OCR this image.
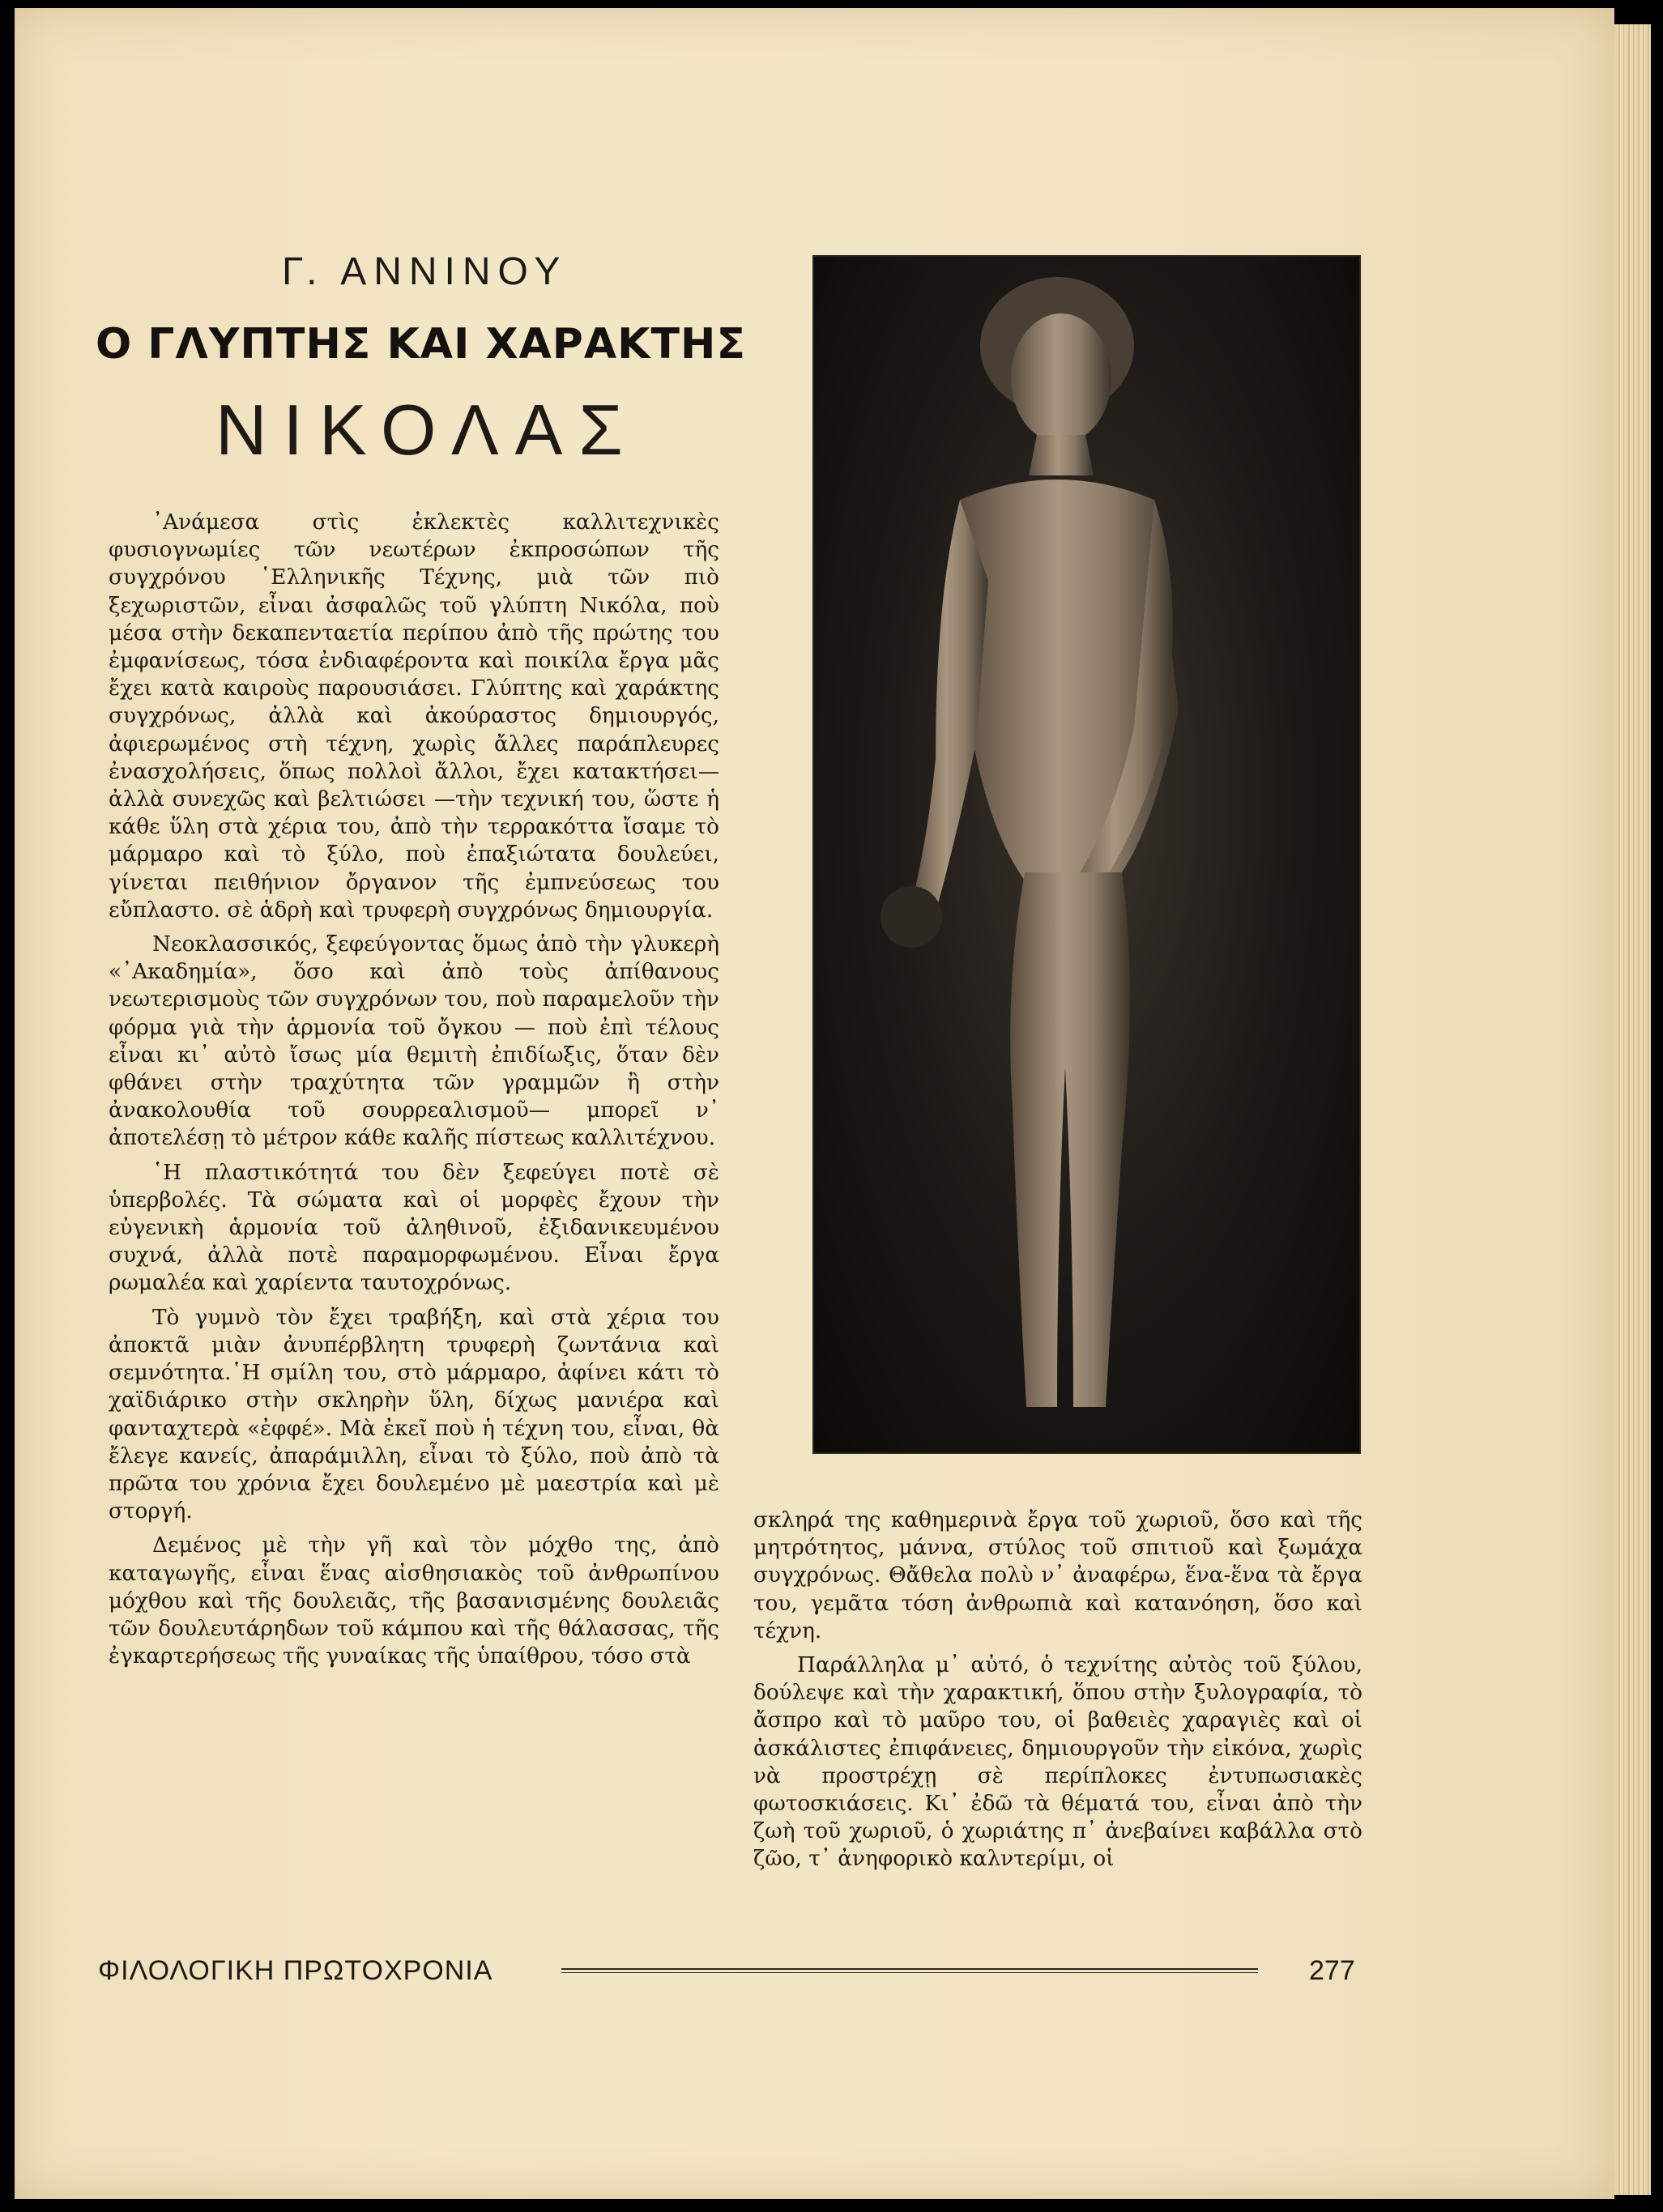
Γ. ΑΝΝΙΝΟΥ
Ο ΓΛΥΠΤΗΣ ΚΑΙ ΧΑΡΑΚΤΗΣ
ΝΙΚΟΛΑΣ

᾿Ανάμεσα στὶς ἐκλεκτὲς καλλιτεχνικὲς φυσιογνωμίες τῶν νεωτέρων ἐκπροσώπων τῆς συγχρόνου ῾Ελληνικῆς Τέχνης, μιὰ τῶν πιὸ ξεχωριστῶν, εἶναι ἀσφαλῶς τοῦ γλύπτη Νικόλα, ποὺ μέσα στὴν δεκαπενταετία περίπου ἀπὸ τῆς πρώτης του ἐμφανίσεως, τόσα ἐνδιαφέροντα καὶ ποικίλα ἔργα μᾶς ἔχει κατὰ καιροὺς παρουσιάσει. Γλύπτης καὶ χαράκτης συγχρόνως, ἀλλὰ καὶ ἀκούραστος δημιουργός, ἀφιερωμένος στὴ τέχνη, χωρὶς ἄλλες παράπλευρες ἐνασχολήσεις, ὅπως πολλοὶ ἄλλοι, ἔχει κατακτήσει—ἀλλὰ συνεχῶς καὶ βελτιώσει —τὴν τεχνική του, ὥστε ἡ κάθε ὕλη στὰ χέρια του, ἀπὸ τὴν τερρακόττα ἴσαμε τὸ μάρμαρο καὶ τὸ ξύλο, ποὺ ἐπαξιώτατα δουλεύει, γίνεται πειθήνιον ὄργανον τῆς ἐμπνεύσεως του εὔπλαστο. σὲ ἁδρὴ καὶ τρυφερὴ συγχρόνως δημιουργία.

Νεοκλασσικός, ξεφεύγοντας ὅμως ἀπὸ τὴν γλυκερὴ «᾿Ακαδημία», ὅσο καὶ ἀπὸ τοὺς ἀπίθανους νεωτερισμοὺς τῶν συγχρόνων του, ποὺ παραμελοῦν τὴν φόρμα γιὰ τὴν ἁρμονία τοῦ ὄγκου — ποὺ ἐπὶ τέλους εἶναι κι᾿ αὐτὸ ἴσως μία θεμιτὴ ἐπιδίωξις, ὅταν δὲν φθάνει στὴν τραχύτητα τῶν γραμμῶν ἢ στὴν ἀνακολουθία τοῦ σουρρεαλισμοῦ— μπορεῖ ν᾿ ἀποτελέσῃ τὸ μέτρον κάθε καλῆς πίστεως καλλιτέχνου.

῾Η πλαστικότητά του δὲν ξεφεύγει ποτὲ σὲ ὑπερβολές. Τὰ σώματα καὶ οἱ μορφὲς ἔχουν τὴν εὐγενικὴ ἁρμονία τοῦ ἀληθινοῦ, ἐξιδανικευμένου συχνά, ἀλλὰ ποτὲ παραμορφωμένου. Εἶναι ἔργα ρωμαλέα καὶ χαρίεντα ταυτοχρόνως.

Τὸ γυμνὸ τὸν ἔχει τραβήξη, καὶ στὰ χέρια του ἀποκτᾶ μιὰν ἀνυπέρβλητη τρυφερὴ ζωντάνια καὶ σεμνότητα.῾Η σμίλη του, στὸ μάρμαρο, ἀφίνει κάτι τὸ χαϊδιάρικο στὴν σκληρὴν ὕλη, δίχως μανιέρα καὶ φανταχτερὰ «ἐφφέ». Μὰ ἐκεῖ ποὺ ἡ τέχνη του, εἶναι, θὰ ἔλεγε κανείς, ἀπαράμιλλη, εἶναι τὸ ξύλο, ποὺ ἀπὸ τὰ πρῶτα του χρόνια ἔχει δουλεμένο μὲ μαεστρία καὶ μὲ στοργή.

Δεμένος μὲ τὴν γῆ καὶ τὸν μόχθο της, ἀπὸ καταγωγῆς, εἶναι ἕνας αἰσθησιακὸς τοῦ ἀνθρωπίνου μόχθου καὶ τῆς δουλειᾶς, τῆς βασανισμένης δουλειᾶς τῶν δουλευτάρηδων τοῦ κάμπου καὶ τῆς θάλασσας, τῆς ἐγκαρτερήσεως τῆς γυναίκας τῆς ὑπαίθρου, τόσο στὰ

σκληρά της καθημερινὰ ἔργα τοῦ χωριοῦ, ὅσο καὶ τῆς μητρότητος, μάννα, στύλος τοῦ σπιτιοῦ καὶ ξωμάχα συγχρόνως. Θἄθελα πολὺ ν᾿ ἀναφέρω, ἕνα-ἕνα τὰ ἔργα του, γεμᾶτα τόση ἀνθρωπιὰ καὶ κατανόηση, ὅσο καὶ τέχνη.

Παράλληλα μ᾿ αὐτό, ὁ τεχνίτης αὐτὸς τοῦ ξύλου, δούλεψε καὶ τὴν χαρακτική, ὅπου στὴν ξυλογραφία, τὸ ἄσπρο καὶ τὸ μαῦρο του, οἱ βαθειὲς χαραγιὲς καὶ οἱ ἀσκάλιστες ἐπιφάνειες, δημιουργοῦν τὴν εἰκόνα, χωρὶς νὰ προστρέχῃ σὲ περίπλοκες ἐντυπωσιακὲς φωτοσκιάσεις. Κι᾿ ἐδῶ τὰ θέματά του, εἶναι ἀπὸ τὴν ζωὴ τοῦ χωριοῦ, ὁ χωριάτης π᾿ ἀνεβαίνει καβάλλα στὸ ζῶο, τ᾿ ἀνηφορικὸ καλντερίμι, οἱ

ΦΙΛΟΛΟΓΙΚΗ ΠΡΩΤΟΧΡΟΝΙΑ	277
